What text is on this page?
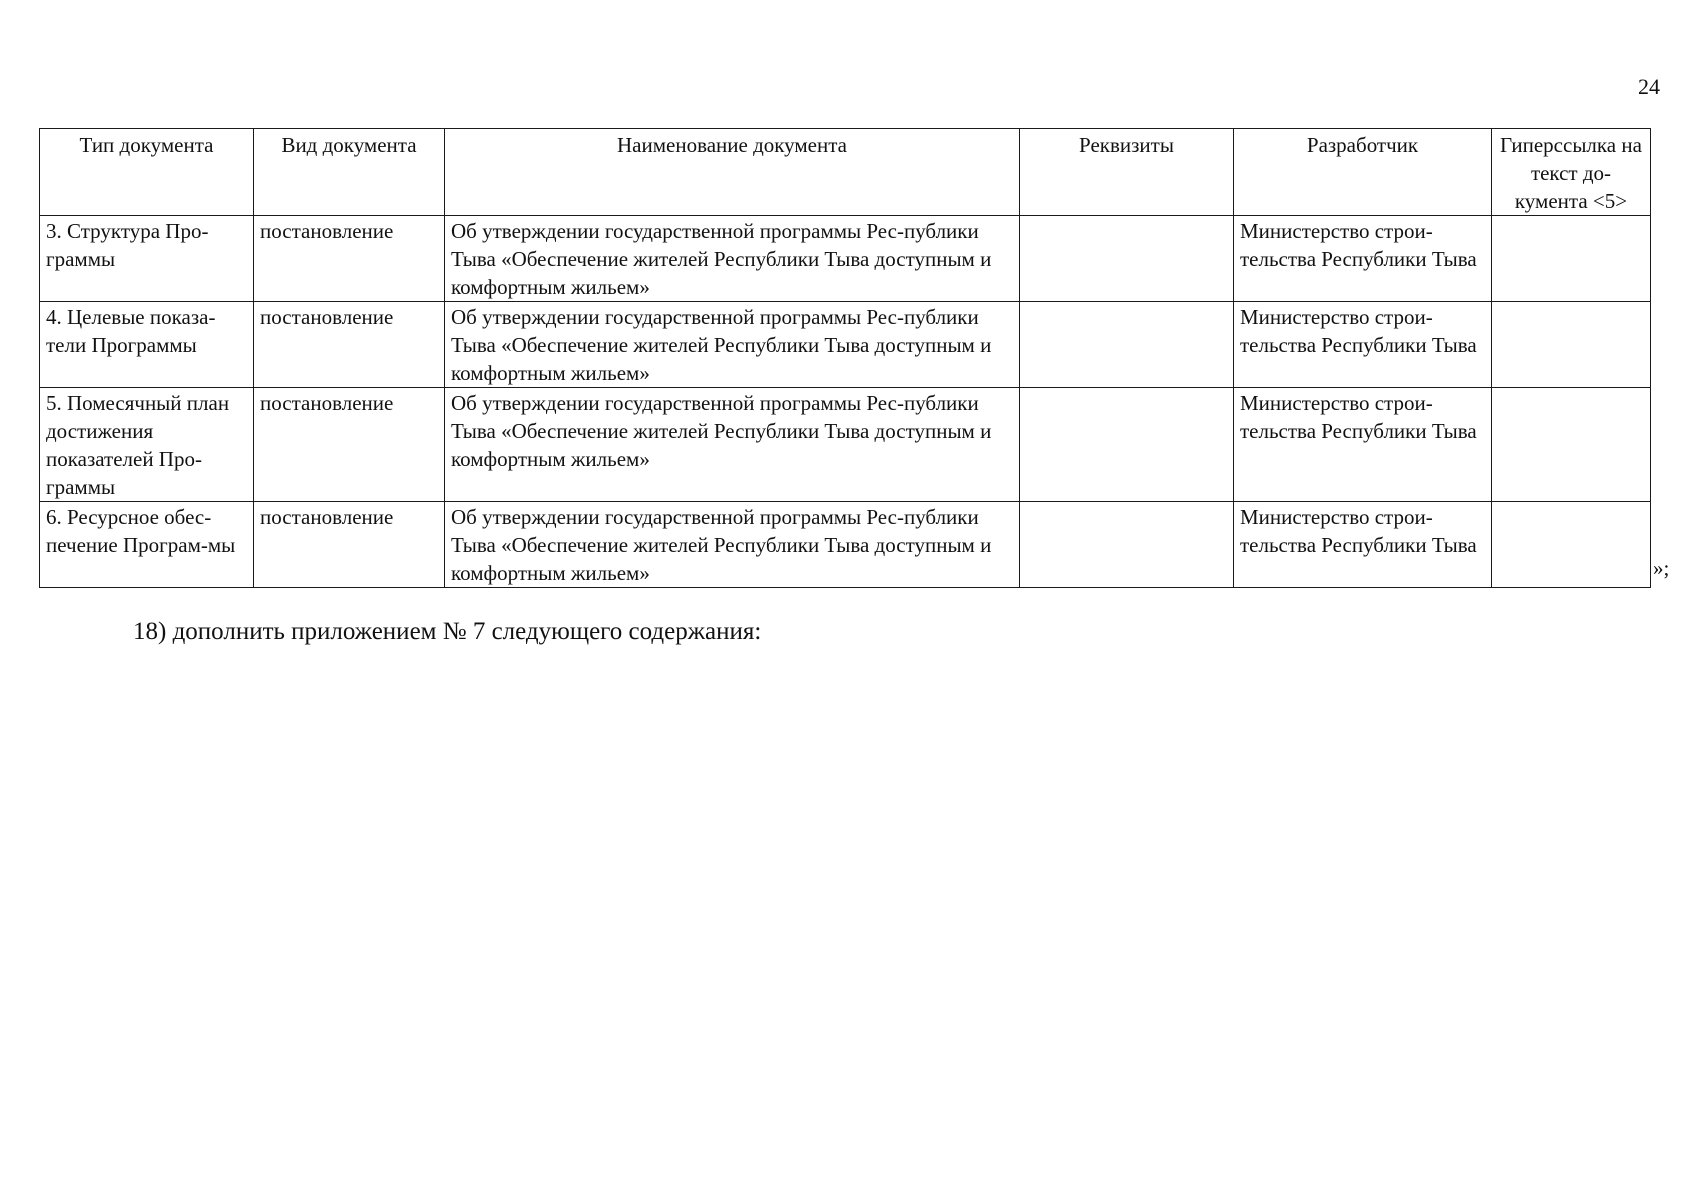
24
Тип документа	Вид документа	Наименование документа	Реквизиты	Разработчик	Гиперссылка на текст до-кумента <5>
3. Структура Про-граммы	постановление	Об утверждении государственной программы Рес-публики Тыва «Обеспечение жителей Республики Тыва доступным и комфортным жильем»		Министерство строи-тельства Республики Тыва	
4. Целевые показа-тели Программы	постановление	Об утверждении государственной программы Рес-публики Тыва «Обеспечение жителей Республики Тыва доступным и комфортным жильем»		Министерство строи-тельства Республики Тыва	
5. Помесячный план достижения показателей Про-граммы	постановление	Об утверждении государственной программы Рес-публики Тыва «Обеспечение жителей Республики Тыва доступным и комфортным жильем»		Министерство строи-тельства Республики Тыва	
6. Ресурсное обес-печение Програм-мы	постановление	Об утверждении государственной программы Рес-публики Тыва «Обеспечение жителей Республики Тыва доступным и комфортным жильем»		Министерство строи-тельства Республики Тыва	
»;
18) дополнить приложением № 7 следующего содержания:
